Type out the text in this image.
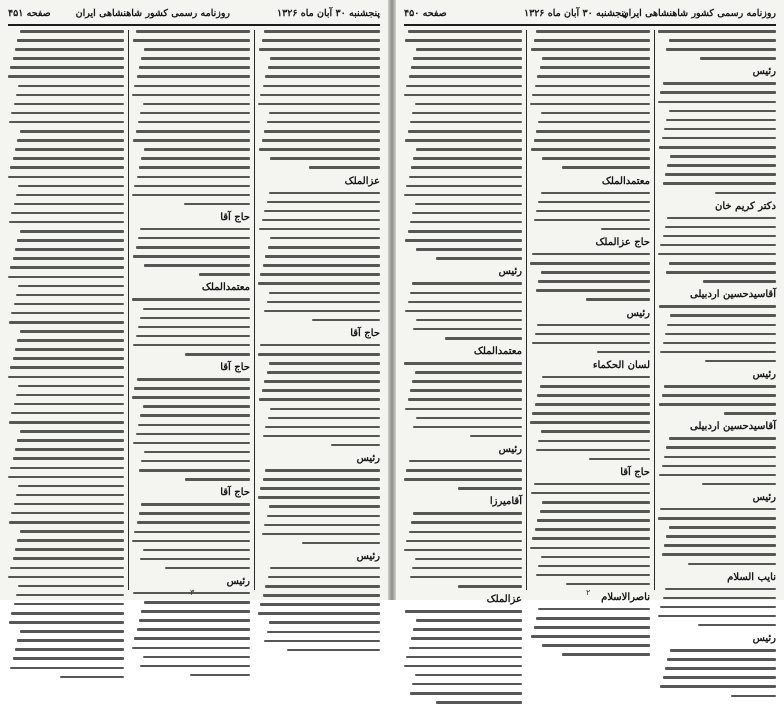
پنجشنبه ۳۰ آبان ماه ۱۳۲۶
روزنامه رسمی کشور شاهنشاهی ایران
صفحه ۴۵۱
حاج آقا
معتمدالملک
حاج آقا
حاج آقا
رئیس
عزالملک
حاج آقا
رئیس
رئیس
۳
صفحه ۴۵۰	روزنامه رسمی کشور شاهنشاهی ایران
پنجشنبه ۳۰ آبان ماه ۱۳۲۶
رئیس
معتمدالملک
رئیس
آقامیرزا
عزالملک
معتمدالملک
حاج عزالملک
رئیس
لسان الحکماء
حاج آقا
ناصرالاسلام
رئیس
دکتر کریم خان
آقاسیدحسین اردبیلی
رئیس
آقاسیدحسین اردبیلی
رئیس
نایب السلام
رئیس
۲
